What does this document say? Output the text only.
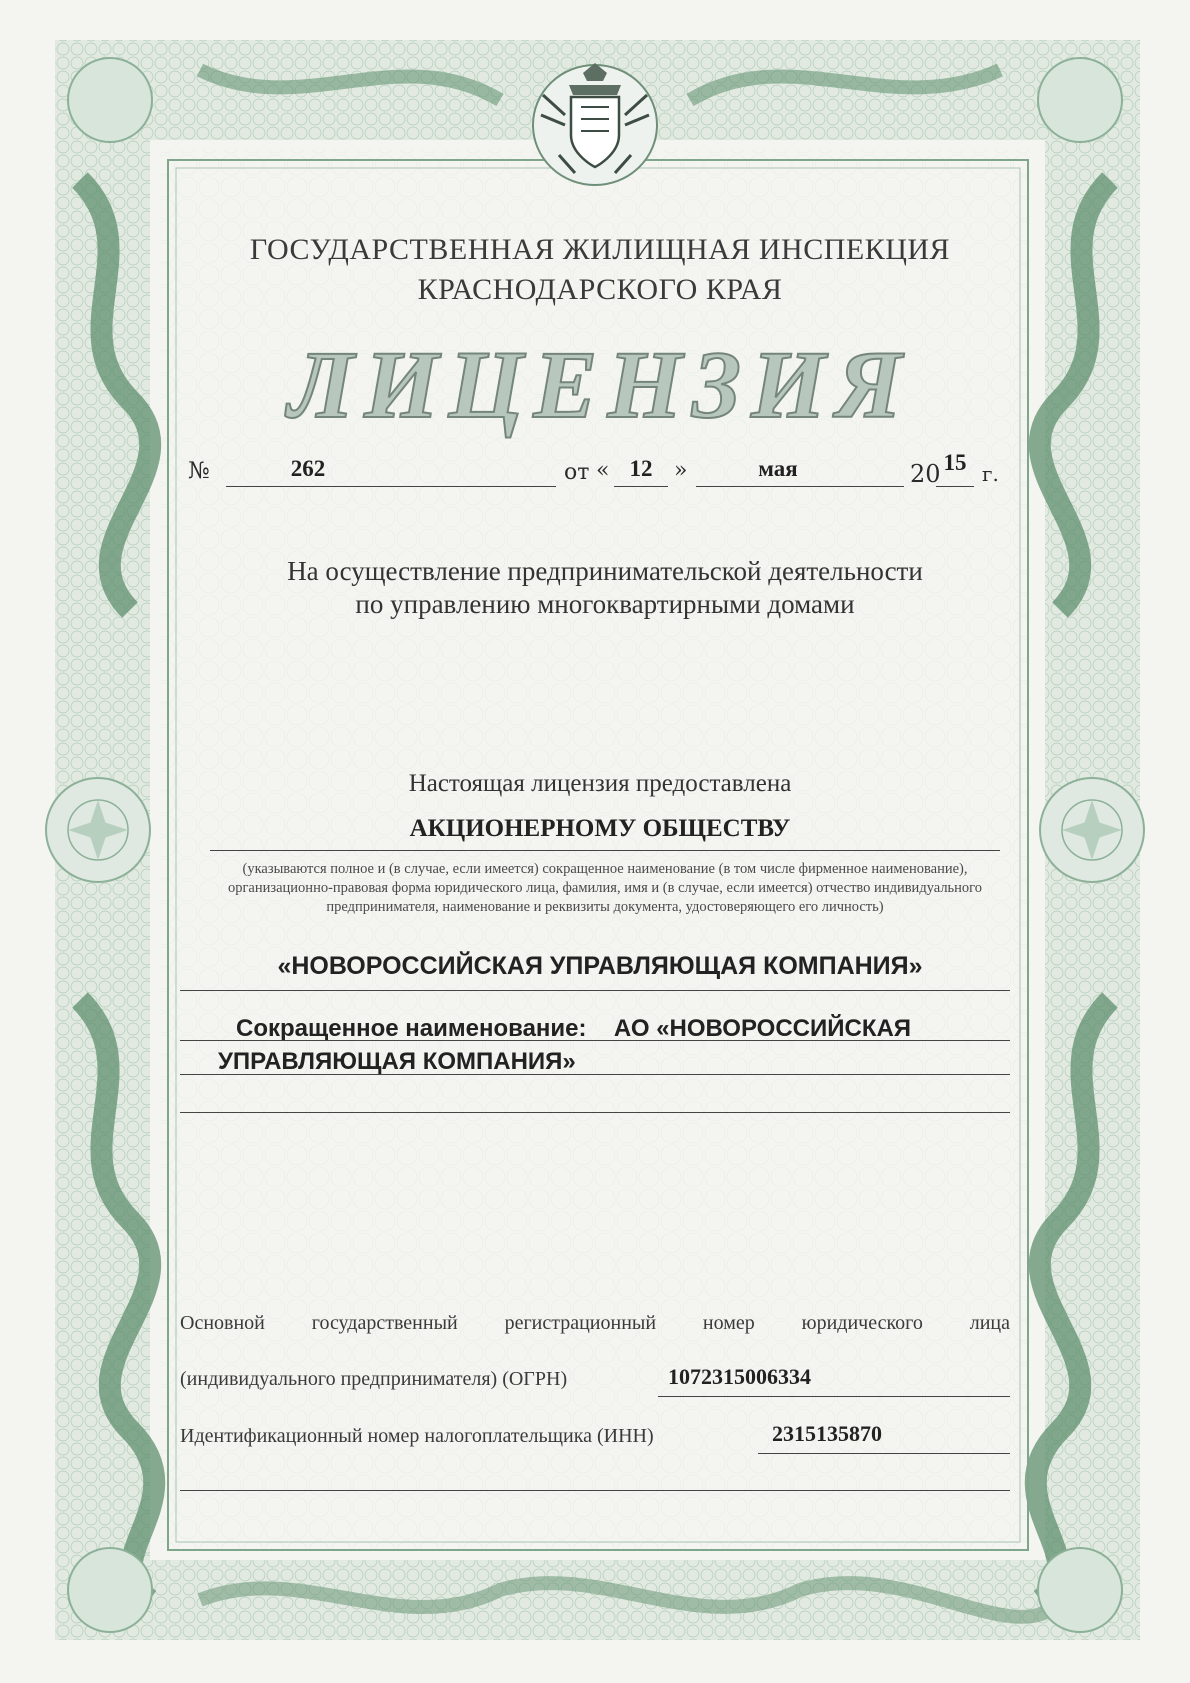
ГОСУДАРСТВЕННАЯ ЖИЛИЩНАЯ ИНСПЕКЦИЯ
КРАСНОДАРСКОГО КРАЯ
ЛИЦЕНЗИЯ
№	262	от « 12 »	мая	20 15 г.
На осуществление предпринимательской деятельности
по управлению многоквартирными домами
Настоящая лицензия предоставлена
АКЦИОНЕРНОМУ ОБЩЕСТВУ
(указываются полное и (в случае, если имеется) сокращенное наименование (в том числе фирменное наименование), организационно-правовая форма юридического лица, фамилия, имя и (в случае, если имеется) отчество индивидуального предпринимателя, наименование и реквизиты документа, удостоверяющего его личность)
«НОВОРОССИЙСКАЯ УПРАВЛЯЮЩАЯ КОМПАНИЯ»
Сокращенное наименование: АО «НОВОРОССИЙСКАЯ
УПРАВЛЯЮЩАЯ КОМПАНИЯ»
Основной государственный регистрационный номер юридического лица
(индивидуального предпринимателя) (ОГРН)	1072315006334
Идентификационный номер налогоплательщика (ИНН)	2315135870
